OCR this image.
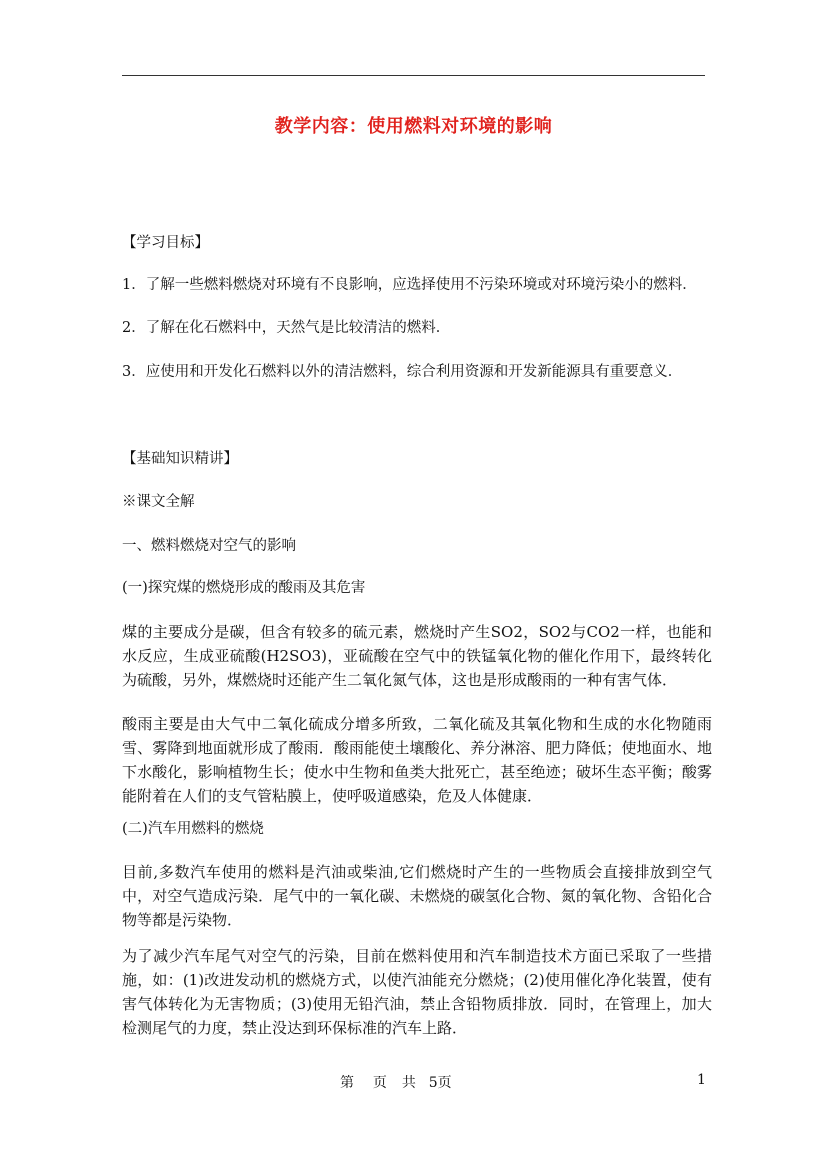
教学内容：使用燃料对环境的影响
【学习目标】
1．了解一些燃料燃烧对环境有不良影响，应选择使用不污染环境或对环境污染小的燃料．
2．了解在化石燃料中，天然气是比较清洁的燃料．
3．应使用和开发化石燃料以外的清洁燃料，综合利用资源和开发新能源具有重要意义．
【基础知识精讲】
※课文全解
一、燃料燃烧对空气的影响
(一)探究煤的燃烧形成的酸雨及其危害
煤的主要成分是碳，但含有较多的硫元素，燃烧时产生SO2，SO2与CO2一样，也能和水反应，生成亚硫酸(H2SO3)，亚硫酸在空气中的铁锰氧化物的催化作用下，最终转化为硫酸，另外，煤燃烧时还能产生二氧化氮气体，这也是形成酸雨的一种有害气体．
酸雨主要是由大气中二氧化硫成分增多所致，二氧化硫及其氧化物和生成的水化物随雨雪、雾降到地面就形成了酸雨．酸雨能使土壤酸化、养分淋溶、肥力降低；使地面水、地下水酸化，影响植物生长；使水中生物和鱼类大批死亡，甚至绝迹；破坏生态平衡；酸雾能附着在人们的支气管粘膜上，使呼吸道感染，危及人体健康．
(二)汽车用燃料的燃烧
目前,多数汽车使用的燃料是汽油或柴油,它们燃烧时产生的一些物质会直接排放到空气中，对空气造成污染．尾气中的一氧化碳、未燃烧的碳氢化合物、氮的氧化物、含铅化合物等都是污染物．
为了减少汽车尾气对空气的污染，目前在燃料使用和汽车制造技术方面已采取了一些措施，如：(1)改进发动机的燃烧方式，以使汽油能充分燃烧；(2)使用催化净化装置，使有害气体转化为无害物质；(3)使用无铅汽油，禁止含铅物质排放．同时，在管理上，加大检测尾气的力度，禁止没达到环保标准的汽车上路．
第 页 共 5页	1
